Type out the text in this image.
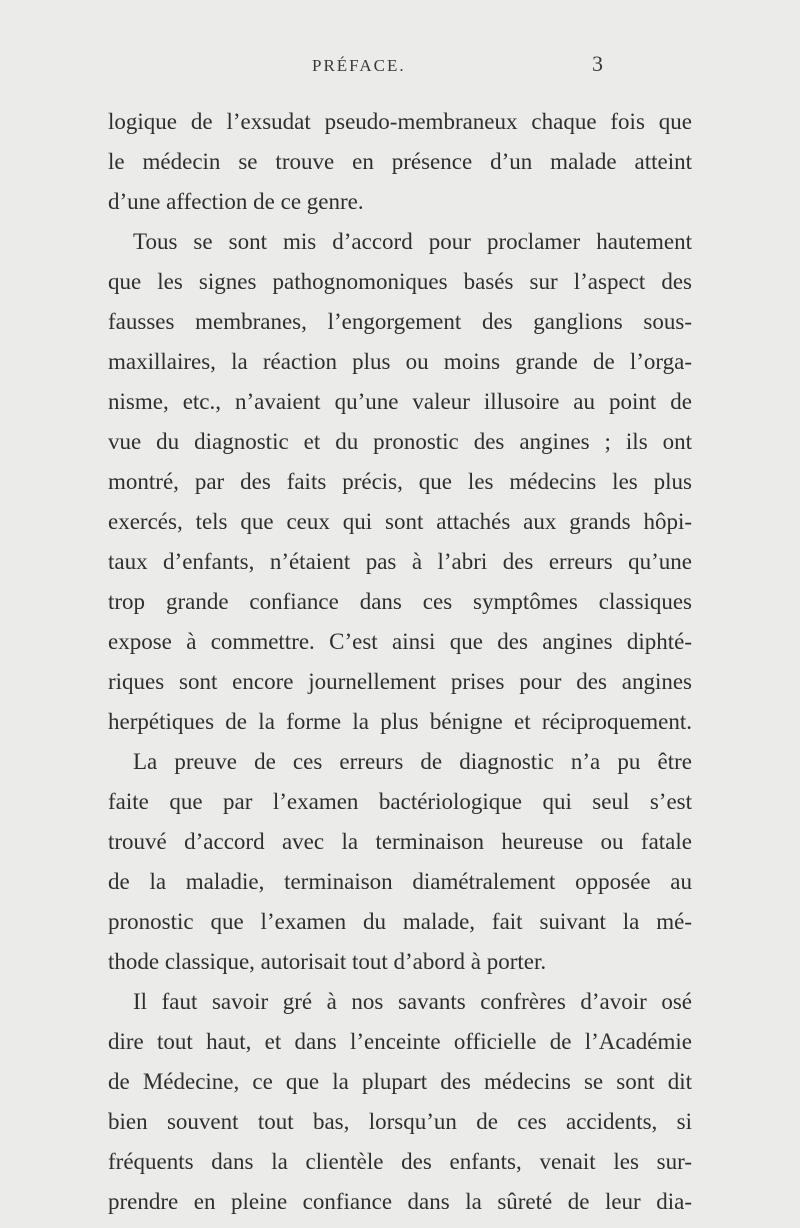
PRÉFACE.	3
logique de l’exsudat pseudo-membraneux chaque fois que
le médecin se trouve en présence d’un malade atteint
d’une affection de ce genre.
Tous se sont mis d’accord pour proclamer hautement
que les signes pathognomoniques basés sur l’aspect des
fausses membranes, l’engorgement des ganglions sous-
maxillaires, la réaction plus ou moins grande de l’orga-
nisme, etc., n’avaient qu’une valeur illusoire au point de
vue du diagnostic et du pronostic des angines ; ils ont
montré, par des faits précis, que les médecins les plus
exercés, tels que ceux qui sont attachés aux grands hôpi-
taux d’enfants, n’étaient pas à l’abri des erreurs qu’une
trop grande confiance dans ces symptômes classiques
expose à commettre. C’est ainsi que des angines diphté-
riques sont encore journellement prises pour des angines
herpétiques de la forme la plus bénigne et réciproquement.
La preuve de ces erreurs de diagnostic n’a pu être
faite que par l’examen bactériologique qui seul s’est
trouvé d’accord avec la terminaison heureuse ou fatale
de la maladie, terminaison diamétralement opposée au
pronostic que l’examen du malade, fait suivant la mé-
thode classique, autorisait tout d’abord à porter.
Il faut savoir gré à nos savants confrères d’avoir osé
dire tout haut, et dans l’enceinte officielle de l’Académie
de Médecine, ce que la plupart des médecins se sont dit
bien souvent tout bas, lorsqu’un de ces accidents, si
fréquents dans la clientèle des enfants, venait les sur-
prendre en pleine confiance dans la sûreté de leur dia-
